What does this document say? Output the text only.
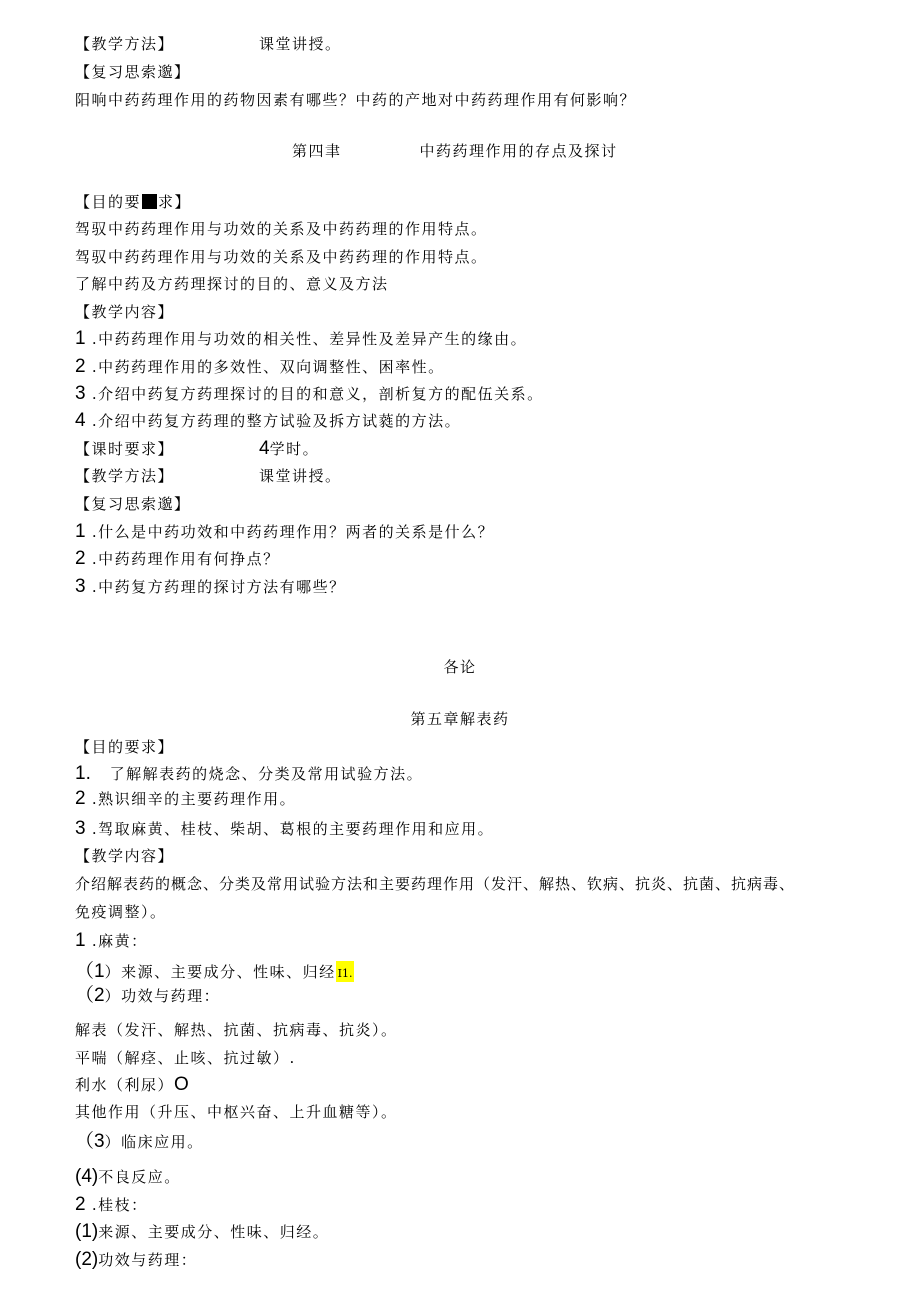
【教学方法】	课堂讲授。
【复习思索邈】
阳响中药药理作用的药物因素有哪些？中药的产地对中药药理作用有何影响？
第四聿	中药药理作用的存点及探讨
【目的要 求】
驾驭中药药理作用与功效的关系及中药药理的作用特点。
驾驭中药药理作用与功效的关系及中药药理的作用特点。
了解中药及方药理探讨的目的、意义及方法
【教学内容】
1 .中药药理作用与功效的相关性、差异性及差异产生的缘由。
2 .中药药理作用的多效性、双向调整性、困率性。
3 .介绍中药复方药理探讨的目的和意义，剖析复方的配伍关系。
4 .介绍中药复方药理的整方试验及拆方试蕤的方法。
【课时要求】	4学时。
【教学方法】	课堂讲授。
【复习思索邈】
1 .什么是中药功效和中药药理作用？两者的关系是什么？
2 .中药药理作用有何挣点？
3 .中药复方药理的探讨方法有哪些？
各论
第五章解表药
【目的要求】
1. 了解解表药的烧念、分类及常用试验方法。
2 .熟识细辛的主要药理作用。
3 .驾取麻黄、桂枝、柴胡、葛根的主要药理作用和应用。
【教学内容】
介绍解表药的概念、分类及常用试验方法和主要药理作用（发汗、解热、钦病、抗炎、抗菌、抗病毒、
免疫调整）。
1 .麻黄：
（1）来源、主要成分、性味、归经 I1.
（2）功效与药理：
解表（发汗、解热、抗菌、抗病毒、抗炎）。
平喘（解痉、止咳、抗过敏）.
利水（利尿）O
其他作用（升压、中枢兴奋、上升血糖等）。
（3）临床应用。
(4)不良反应。
2 .桂枝：
(1)来源、主要成分、性味、归经。
(2)功效与药理：
